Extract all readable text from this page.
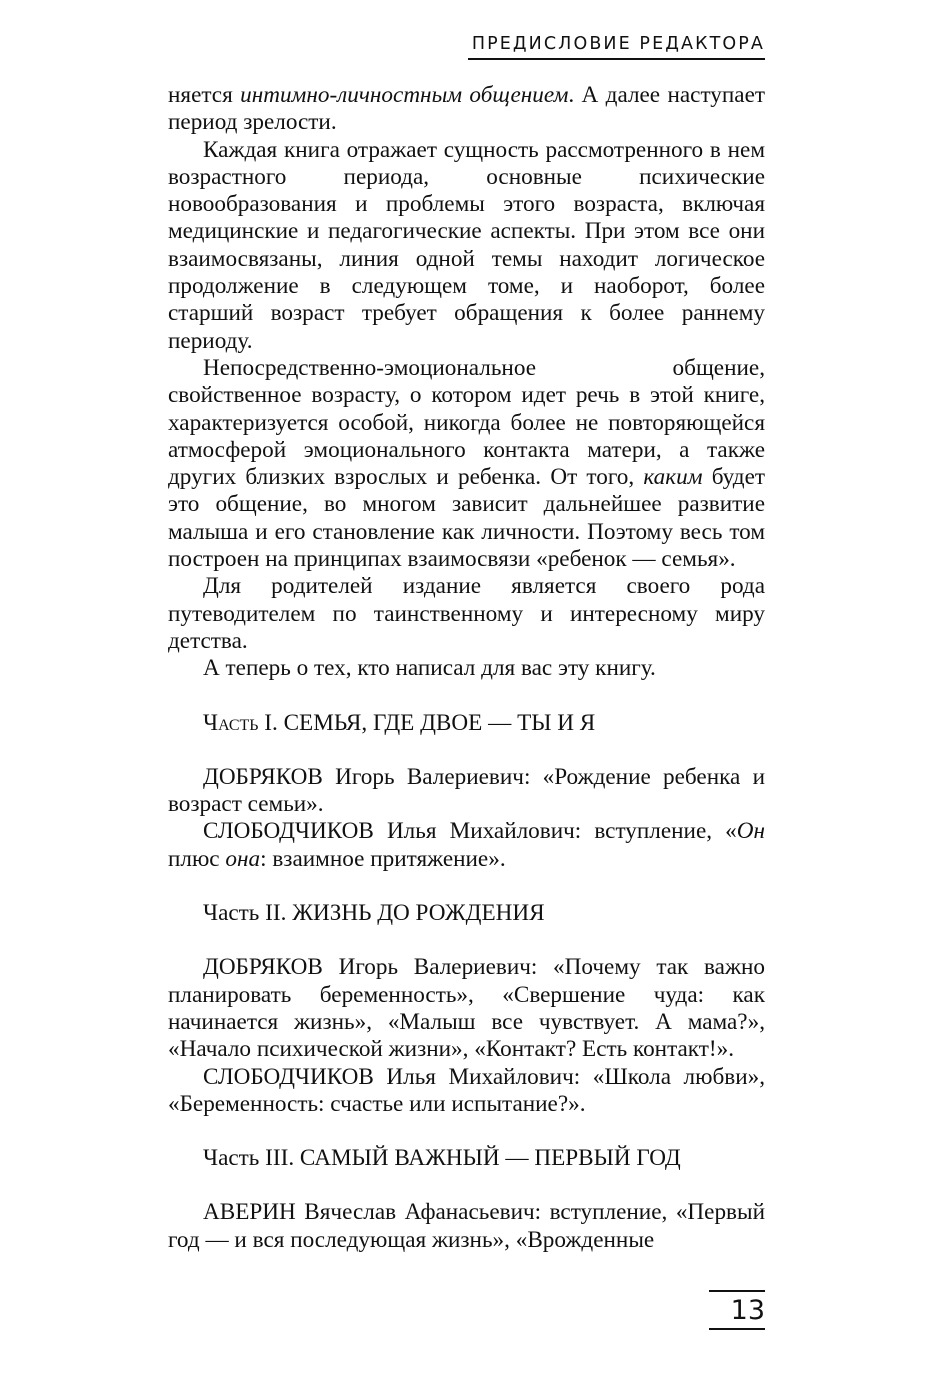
ПРЕДИСЛОВИЕ РЕДАКТОРА

няется интимно-личностным общением. А далее наступает период зрелости.

Каждая книга отражает сущность рассмотренного в нем возрастного периода, основные психические новообразования и проблемы этого возраста, включая медицинские и педагогические аспекты. При этом все они взаимосвязаны, линия одной темы находит логическое продолжение в следующем томе, и наоборот, более старший возраст требует обращения к более раннему периоду.

Непосредственно-эмоциональное общение, свойственное возрасту, о котором идет речь в этой книге, характеризуется особой, никогда более не повторяющейся атмосферой эмоционального контакта матери, а также других близких взрослых и ребенка. От того, каким будет это общение, во многом зависит дальнейшее развитие малыша и его становление как личности. Поэтому весь том построен на принципах взаимосвязи «ребенок — семья».

Для родителей издание является своего рода путеводителем по таинственному и интересному миру детства.

А теперь о тех, кто написал для вас эту книгу.

Часть I. СЕМЬЯ, ГДЕ ДВОЕ — ТЫ И Я

ДОБРЯКОВ Игорь Валериевич: «Рождение ребенка и возраст семьи».

СЛОБОДЧИКОВ Илья Михайлович: вступление, «Он плюс она: взаимное притяжение».

Часть II. ЖИЗНЬ ДО РОЖДЕНИЯ

ДОБРЯКОВ Игорь Валериевич: «Почему так важно планировать беременность», «Свершение чуда: как начинается жизнь», «Малыш все чувствует. А мама?», «Начало психической жизни», «Контакт? Есть контакт!».

СЛОБОДЧИКОВ Илья Михайлович: «Школа любви», «Беременность: счастье или испытание?».

Часть III. САМЫЙ ВАЖНЫЙ — ПЕРВЫЙ ГОД

АВЕРИН Вячеслав Афанасьевич: вступление, «Первый год — и вся последующая жизнь», «Врожденные

13
